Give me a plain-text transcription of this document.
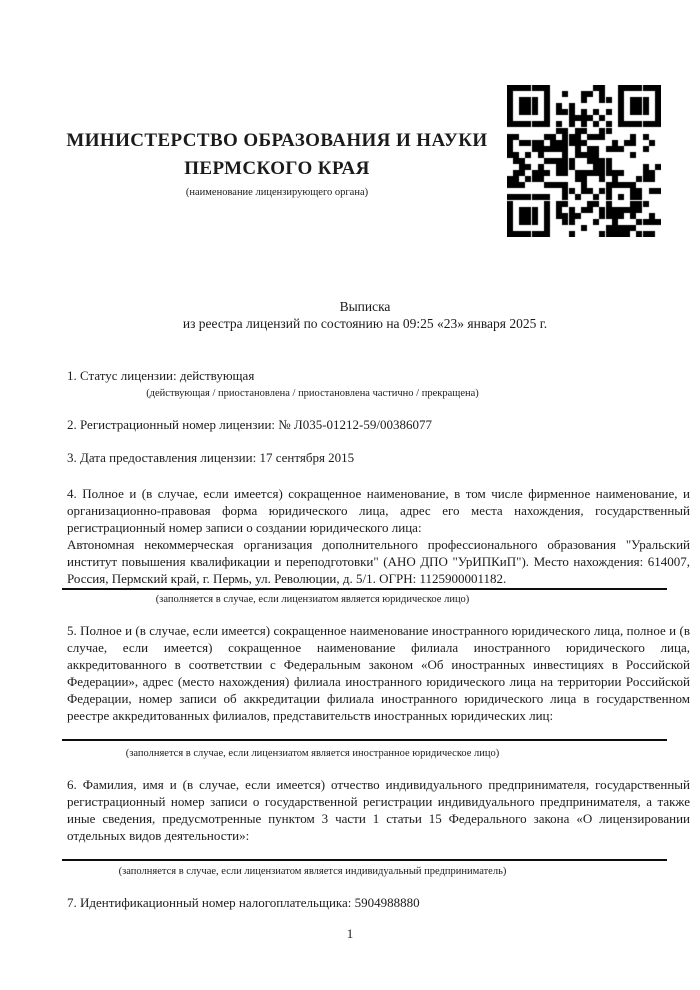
МИНИСТЕРСТВО ОБРАЗОВАНИЯ И НАУКИ
ПЕРМСКОГО КРАЯ
(наименование лицензирующего органа)
Выписка
из реестра лицензий по состоянию на 09:25 «23» января 2025 г.
1. Статус лицензии: действующая
(действующая / приостановлена / приостановлена частично / прекращена)
2. Регистрационный номер лицензии: № Л035-01212-59/00386077
3. Дата предоставления лицензии: 17 сентября 2015

4. Полное и (в случае, если имеется) сокращенное наименование, в том числе фирменное наименование, и организационно-правовая форма юридического лица, адрес его места нахождения, государственный регистрационный номер записи о создании юридического лица:

Автономная некоммерческая организация дополнительного профессионального образования "Уральский институт повышения квалификации и переподготовки" (АНО ДПО "УрИПКиП"). Место нахождения: 614007, Россия, Пермский край, г. Пермь, ул. Революции, д. 5/1. ОГРН: 1125900001182.

(заполняется в случае, если лицензиатом является юридическое лицо)
5. Полное и (в случае, если имеется) сокращенное наименование иностранного юридического лица, полное и (в случае, если имеется) сокращенное наименование филиала иностранного юридического лица, аккредитованного в соответствии с Федеральным законом «Об иностранных инвестициях в Российской Федерации», адрес (место нахождения) филиала иностранного юридического лица на территории Российской Федерации, номер записи об аккредитации филиала иностранного юридического лица в государственном реестре аккредитованных филиалов, представительств иностранных юридических лиц:
(заполняется в случае, если лицензиатом является иностранное юридическое лицо)
6. Фамилия, имя и (в случае, если имеется) отчество индивидуального предпринимателя, государственный регистрационный номер записи о государственной регистрации индивидуального предпринимателя, а также иные сведения, предусмотренные пунктом 3 части 1 статьи 15 Федерального закона «О лицензировании отдельных видов деятельности»:
(заполняется в случае, если лицензиатом является индивидуальный предприниматель)
7. Идентификационный номер налогоплательщика: 5904988880
1
